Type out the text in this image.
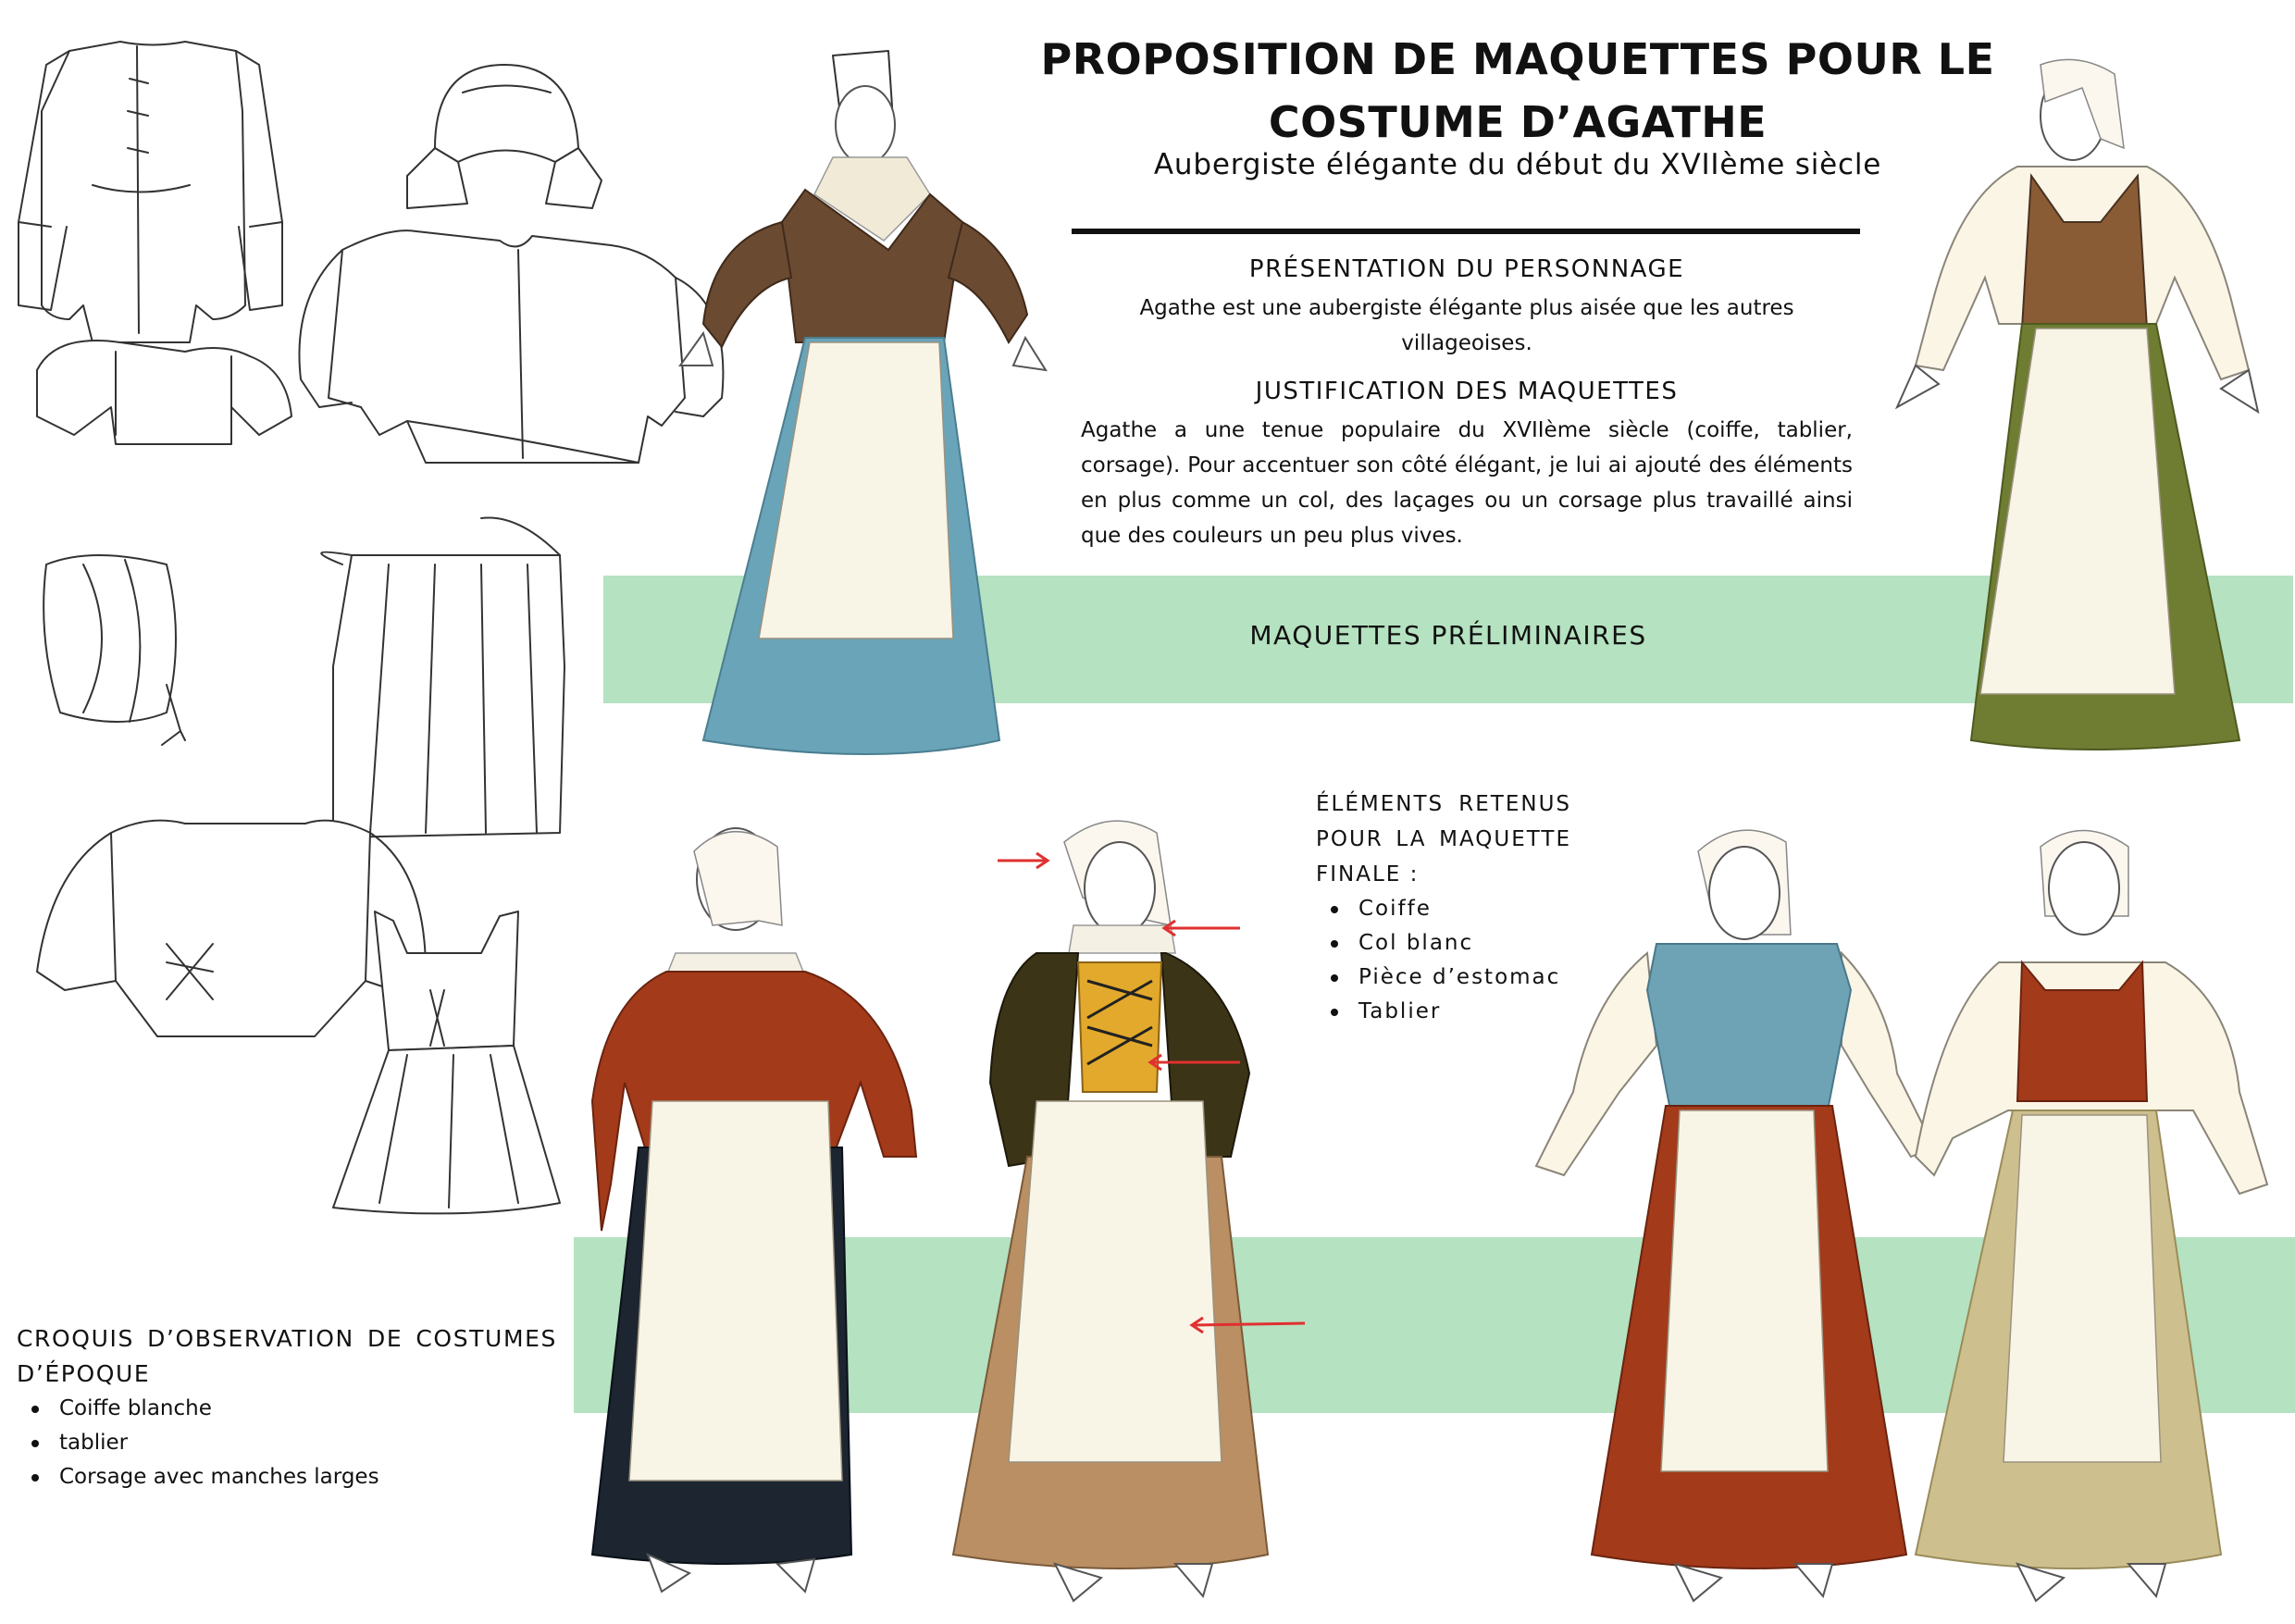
PROPOSITION DE MAQUETTES POUR LE COSTUME D’AGATHE
Aubergiste élégante du début du XVIIème siècle
PRÉSENTATION DU PERSONNAGE
Agathe est une aubergiste élégante plus aisée que les autres villageoises.
JUSTIFICATION DES MAQUETTES
Agathe a une tenue populaire du XVIIème siècle (coiffe, tablier, corsage). Pour accentuer son côté élégant, je lui ai ajouté des éléments en plus comme un col, des laçages ou un corsage plus travaillé ainsi que des couleurs un peu plus vives.
MAQUETTES PRÉLIMINAIRES
ÉLÉMENTS RETENUS POUR LA MAQUETTE FINALE :
Coiffe
Col blanc
Pièce d’estomac
Tablier
CROQUIS D’OBSERVATION DE COSTUMES D’ÉPOQUE
Coiffe blanche
tablier
Corsage avec manches larges
